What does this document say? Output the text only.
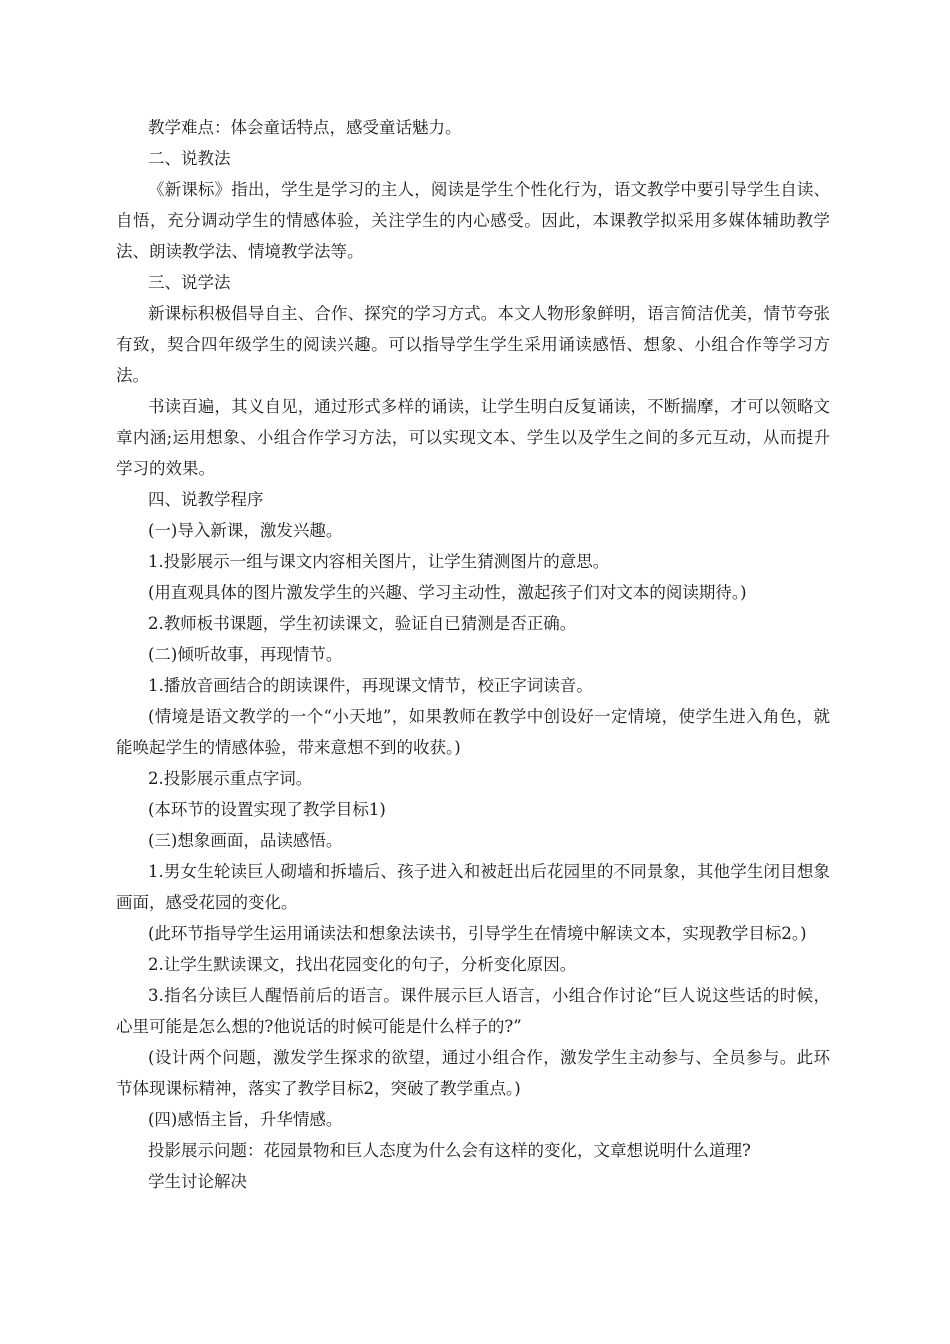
教学难点：体会童话特点，感受童话魅力。

二、说教法

《新课标》指出，学生是学习的主人，阅读是学生个性化行为，语文教学中要引导学生自读、自悟，充分调动学生的情感体验，关注学生的内心感受。因此，本课教学拟采用多媒体辅助教学法、朗读教学法、情境教学法等。

三、说学法

新课标积极倡导自主、合作、探究的学习方式。本文人物形象鲜明，语言简洁优美，情节夸张有致，契合四年级学生的阅读兴趣。可以指导学生学生采用诵读感悟、想象、小组合作等学习方法。

书读百遍，其义自见，通过形式多样的诵读，让学生明白反复诵读，不断揣摩，才可以领略文章内涵;运用想象、小组合作学习方法，可以实现文本、学生以及学生之间的多元互动，从而提升学习的效果。

四、说教学程序

(一)导入新课，激发兴趣。

1.投影展示一组与课文内容相关图片，让学生猜测图片的意思。

(用直观具体的图片激发学生的兴趣、学习主动性，激起孩子们对文本的阅读期待。)

2.教师板书课题，学生初读课文，验证自已猜测是否正确。

(二)倾听故事，再现情节。

1.播放音画结合的朗读课件，再现课文情节，校正字词读音。

(情境是语文教学的一个“小天地”，如果教师在教学中创设好一定情境，使学生进入角色，就能唤起学生的情感体验，带来意想不到的收获。)

2.投影展示重点字词。

(本环节的设置实现了教学目标1)

(三)想象画面，品读感悟。

1.男女生轮读巨人砌墙和拆墙后、孩子进入和被赶出后花园里的不同景象，其他学生闭目想象画面，感受花园的变化。

(此环节指导学生运用诵读法和想象法读书，引导学生在情境中解读文本，实现教学目标2。)

2.让学生默读课文，找出花园变化的句子，分析变化原因。

3.指名分读巨人醒悟前后的语言。课件展示巨人语言，小组合作讨论“巨人说这些话的时候，心里可能是怎么想的?他说话的时候可能是什么样子的?”

(设计两个问题，激发学生探求的欲望，通过小组合作，激发学生主动参与、全员参与。此环节体现课标精神，落实了教学目标2，突破了教学重点。)

(四)感悟主旨，升华情感。

投影展示问题：花园景物和巨人态度为什么会有这样的变化，文章想说明什么道理?

学生讨论解决
